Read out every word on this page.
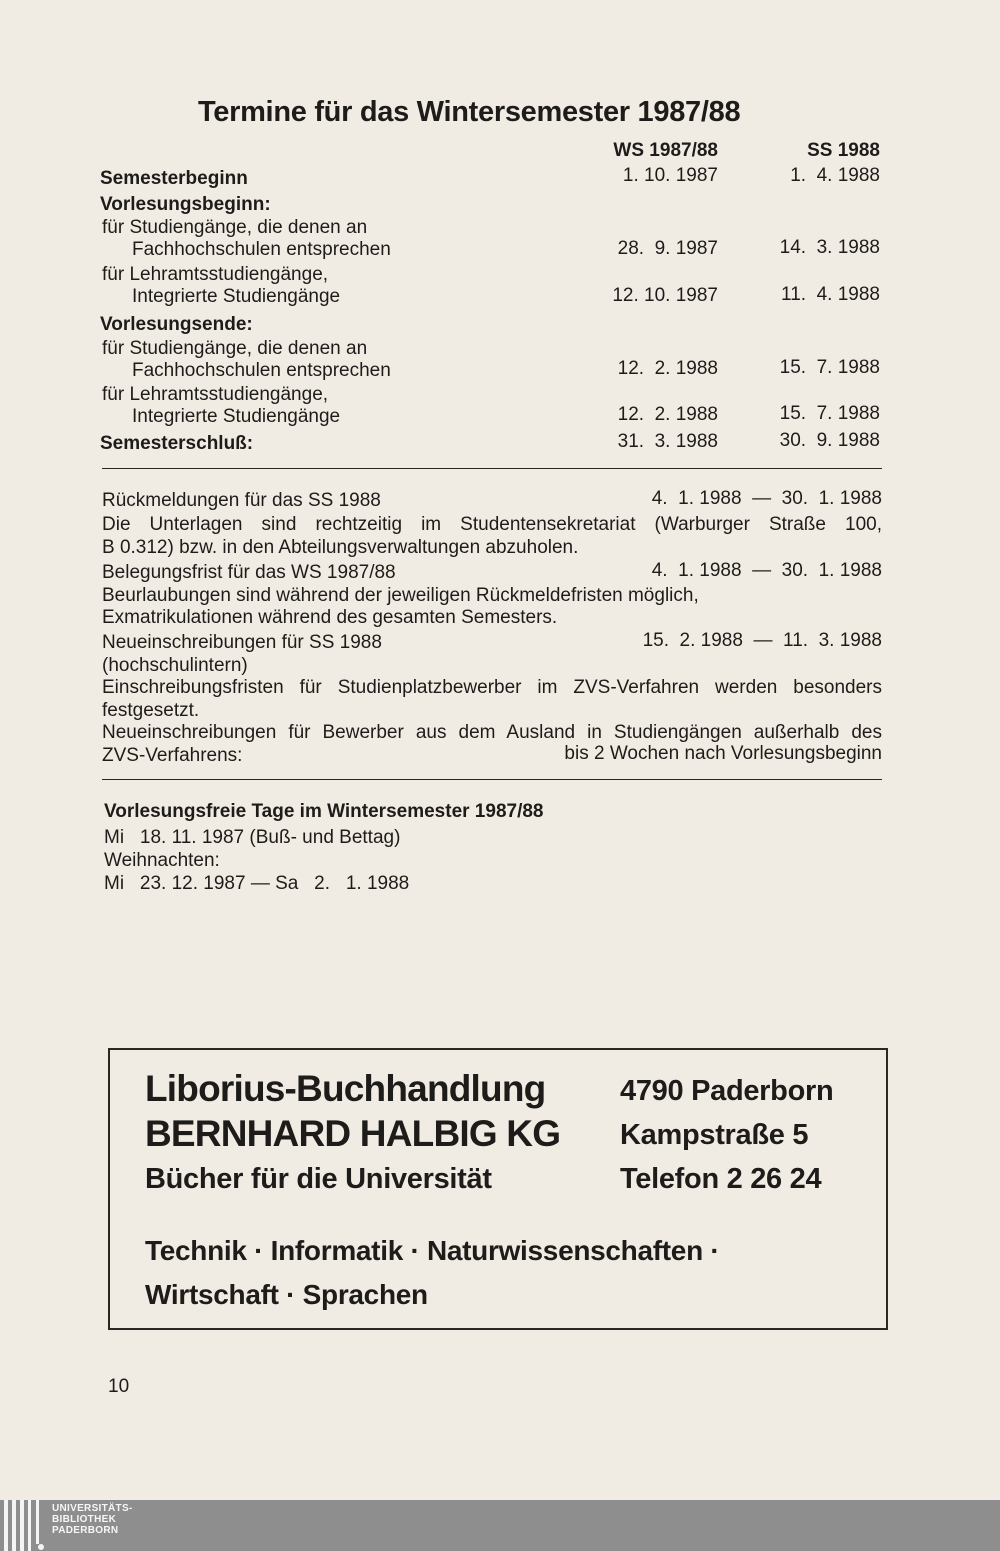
Termine für das Wintersemester 1987/88
WS 1987/88	SS 1988
Semesterbeginn	1. 10. 1987	1.  4. 1988
Vorlesungsbeginn:
für Studiengänge, die denen an
Fachhochschulen entsprechen	28.  9. 1987	14.  3. 1988
für Lehramtsstudiengänge,
Integrierte Studiengänge	12. 10. 1987	11.  4. 1988
Vorlesungsende:
für Studiengänge, die denen an
Fachhochschulen entsprechen	12.  2. 1988	15.  7. 1988
für Lehramtsstudiengänge,
Integrierte Studiengänge	12.  2. 1988	15.  7. 1988
Semesterschluß:	31.  3. 1988	30.  9. 1988
Rückmeldungen für das SS 1988	4.  1. 1988  —  30.  1. 1988
Die Unterlagen sind rechtzeitig im Studentensekretariat (Warburger Straße 100,
B 0.312) bzw. in den Abteilungsverwaltungen abzuholen.
Belegungsfrist für das WS 1987/88	4.  1. 1988  —  30.  1. 1988
Beurlaubungen sind während der jeweiligen Rückmeldefristen möglich,
Exmatrikulationen während des gesamten Semesters.
Neueinschreibungen für SS 1988	15.  2. 1988  —  11.  3. 1988
(hochschulintern)
Einschreibungsfristen für Studienplatzbewerber im ZVS-Verfahren werden besonders
festgesetzt.
Neueinschreibungen für Bewerber aus dem Ausland in Studiengängen außerhalb des
ZVS-Verfahrens:	bis 2 Wochen nach Vorlesungsbeginn
Vorlesungsfreie Tage im Wintersemester 1987/88
Mi   18. 11. 1987 (Buß- und Bettag)
Weihnachten:
Mi   23. 12. 1987 — Sa   2.   1. 1988
Liborius-Buchhandlung
BERNHARD HALBIG KG
Bücher für die Universität
4790 Paderborn
Kampstraße 5
Telefon 2 26 24
Technik · Informatik · Naturwissenschaften ·
Wirtschaft · Sprachen
10
UNIVERSITÄTS-
BIBLIOTHEK
PADERBORN
